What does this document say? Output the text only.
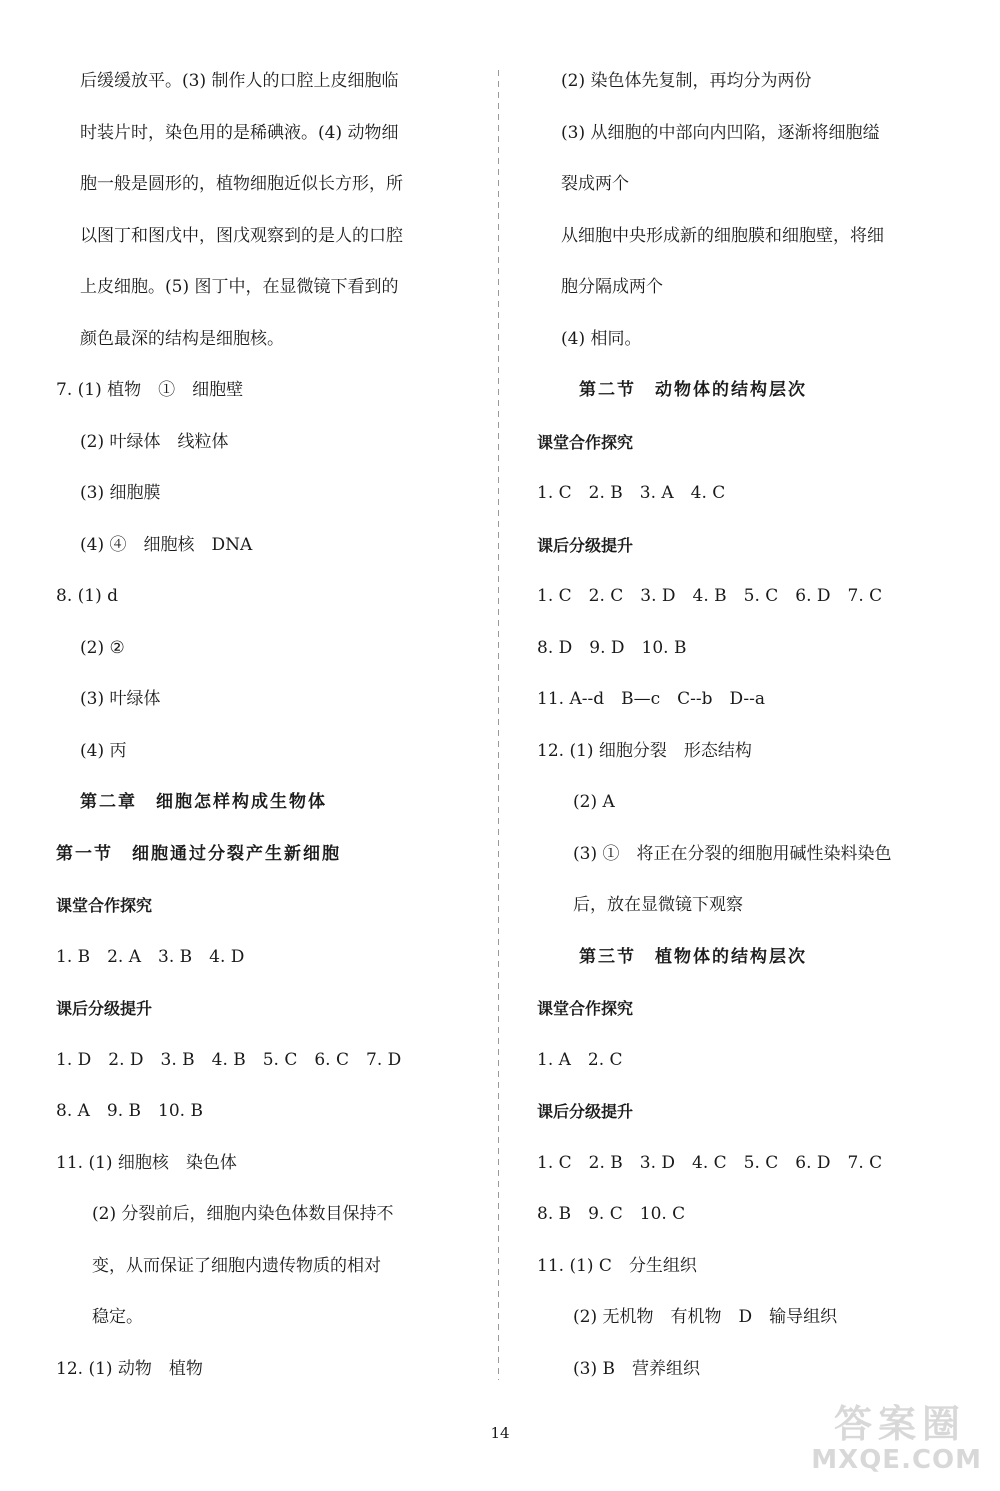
后缓缓放平。(3) 制作人的口腔上皮细胞临
时装片时，染色用的是稀碘液。(4) 动物细
胞一般是圆形的，植物细胞近似长方形，所
以图丁和图戊中，图戊观察到的是人的口腔
上皮细胞。(5) 图丁中，在显微镜下看到的
颜色最深的结构是细胞核。
7. (1) 植物　①　细胞壁
(2) 叶绿体　线粒体
(3) 细胞膜
(4) ④　细胞核　DNA
8. (1) d
(2) ②
(3) 叶绿体
(4) 丙
第二章　细胞怎样构成生物体
第一节　细胞通过分裂产生新细胞
课堂合作探究
1. B　2. A　3. B　4. D
课后分级提升
1. D　2. D　3. B　4. B　5. C　6. C　7. D
8. A　9. B　10. B
11. (1) 细胞核　染色体
(2) 分裂前后，细胞内染色体数目保持不
变，从而保证了细胞内遗传物质的相对
稳定。
12. (1) 动物　植物
(2) 染色体先复制，再均分为两份
(3) 从细胞的中部向内凹陷，逐渐将细胞缢
裂成两个
从细胞中央形成新的细胞膜和细胞壁，将细
胞分隔成两个
(4) 相同。
第二节　动物体的结构层次
课堂合作探究
1. C　2. B　3. A　4. C
课后分级提升
1. C　2. C　3. D　4. B　5. C　6. D　7. C
8. D　9. D　10. B
11. A--d　B—c　C--b　D--a
12. (1) 细胞分裂　形态结构
(2) A
(3) ①　将正在分裂的细胞用碱性染料染色
后，放在显微镜下观察
第三节　植物体的结构层次
课堂合作探究
1. A　2. C
课后分级提升
1. C　2. B　3. D　4. C　5. C　6. D　7. C
8. B　9. C　10. C
11. (1) C　分生组织
(2) 无机物　有机物　D　输导组织
(3) B　营养组织
14	答案圈
MXQE.COM
